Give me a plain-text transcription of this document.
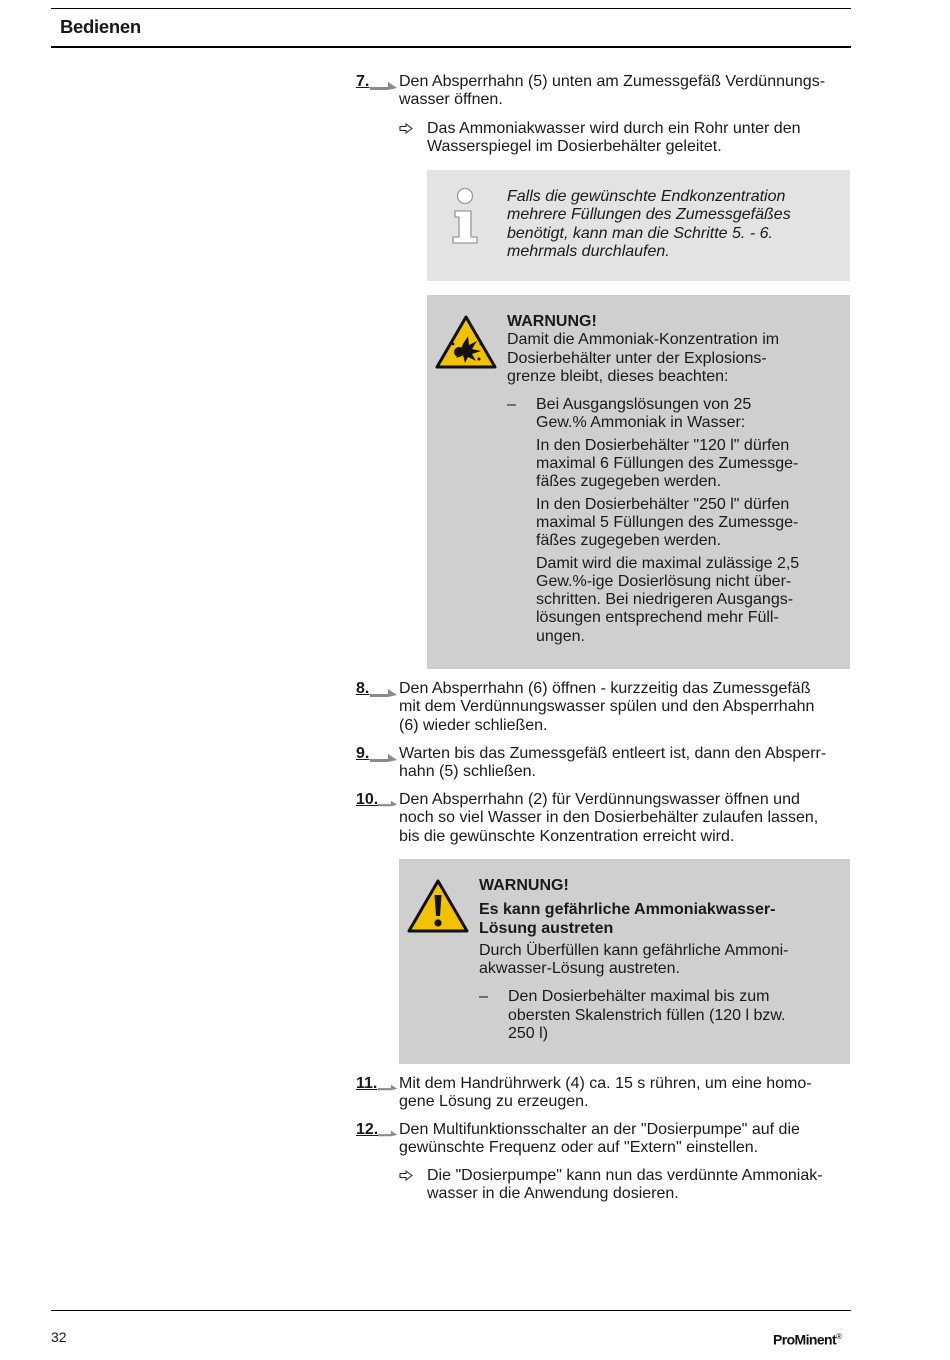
Bedienen
7. Den Absperrhahn (5) unten am Zumessgefäß Verdünnungs-
wasser öffnen.
Das Ammoniakwasser wird durch ein Rohr unter den
Wasserspiegel im Dosierbehälter geleitet.
Falls die gewünschte Endkonzentration
mehrere Füllungen des Zumessgefäßes
benötigt, kann man die Schritte 5. - 6.
mehrmals durchlaufen.
WARNUNG!
Damit die Ammoniak-Konzentration im
Dosierbehälter unter der Explosions-
grenze bleibt, dieses beachten:
– Bei Ausgangslösungen von 25
Gew.% Ammoniak in Wasser:
In den Dosierbehälter "120 l" dürfen
maximal 6 Füllungen des Zumessge-
fäßes zugegeben werden.
In den Dosierbehälter "250 l" dürfen
maximal 5 Füllungen des Zumessge-
fäßes zugegeben werden.
Damit wird die maximal zulässige 2,5
Gew.%-ige Dosierlösung nicht über-
schritten. Bei niedrigeren Ausgangs-
lösungen entsprechend mehr Füll-
ungen.
8. Den Absperrhahn (6) öffnen - kurzzeitig das Zumessgefäß
mit dem Verdünnungswasser spülen und den Absperrhahn
(6) wieder schließen.
9. Warten bis das Zumessgefäß entleert ist, dann den Absperr-
hahn (5) schließen.
10. Den Absperrhahn (2) für Verdünnungswasser öffnen und
noch so viel Wasser in den Dosierbehälter zulaufen lassen,
bis die gewünschte Konzentration erreicht wird.
WARNUNG!
Es kann gefährliche Ammoniakwasser-
Lösung austreten
Durch Überfüllen kann gefährliche Ammoni-
akwasser-Lösung austreten.
– Den Dosierbehälter maximal bis zum
obersten Skalenstrich füllen (120 l bzw.
250 l)
11. Mit dem Handrührwerk (4) ca. 15 s rühren, um eine homo-
gene Lösung zu erzeugen.
12. Den Multifunktionsschalter an der "Dosierpumpe" auf die
gewünschte Frequenz oder auf "Extern" einstellen.
Die "Dosierpumpe" kann nun das verdünnte Ammoniak-
wasser in die Anwendung dosieren.
32	ProMinent®
